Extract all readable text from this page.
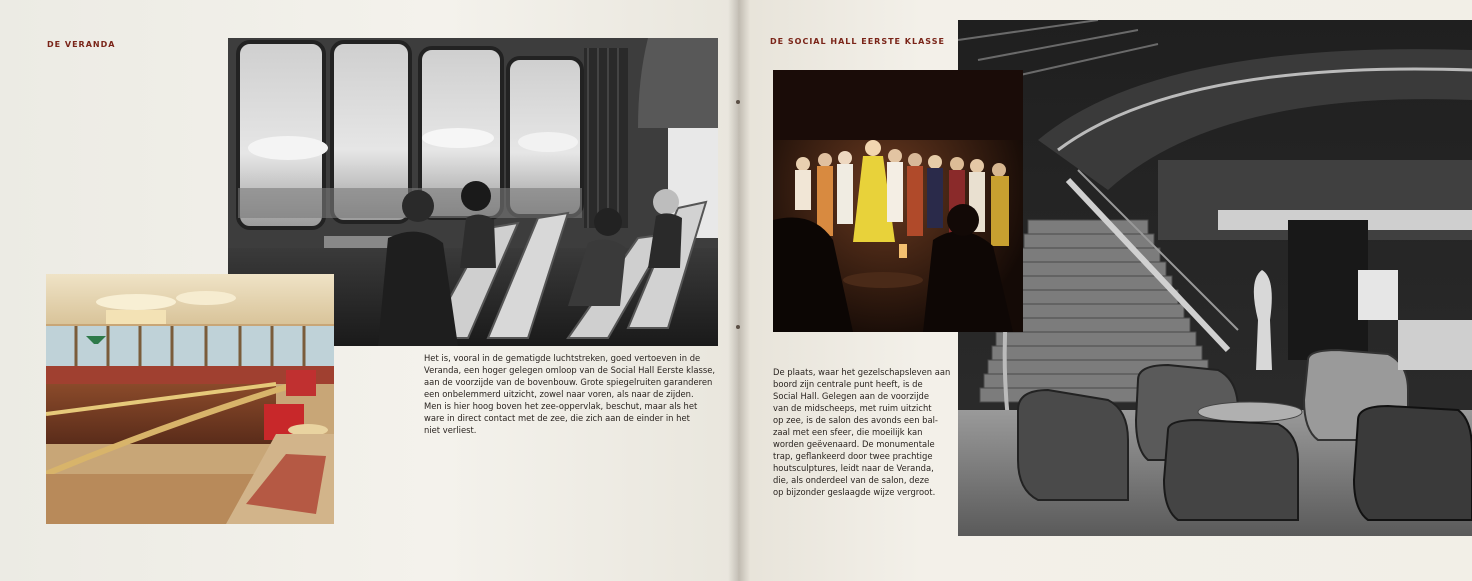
DE VERANDA
Het is, vooral in de gematigde luchtstreken, goed vertoeven in de
Veranda, een hoger gelegen omloop van de Social Hall Eerste klasse,
aan de voorzijde van de bovenbouw. Grote spiegelruiten garanderen
een onbelemmerd uitzicht, zowel naar voren, als naar de zijden.
Men is hier hoog boven het zee-oppervlak, beschut, maar als het
ware in direct contact met de zee, die zich aan de einder in het
niet verliest.
DE SOCIAL HALL EERSTE KLASSE
De plaats, waar het gezelschapsleven aan
boord zijn centrale punt heeft, is de
Social Hall. Gelegen aan de voorzijde
van de midscheeps, met ruim uitzicht
op zee, is de salon des avonds een bal-
zaal met een sfeer, die moeilijk kan
worden geëvenaard. De monumentale
trap, geflankeerd door twee prachtige
houtsculptures, leidt naar de Veranda,
die, als onderdeel van de salon, deze
op bijzonder geslaagde wijze vergroot.
